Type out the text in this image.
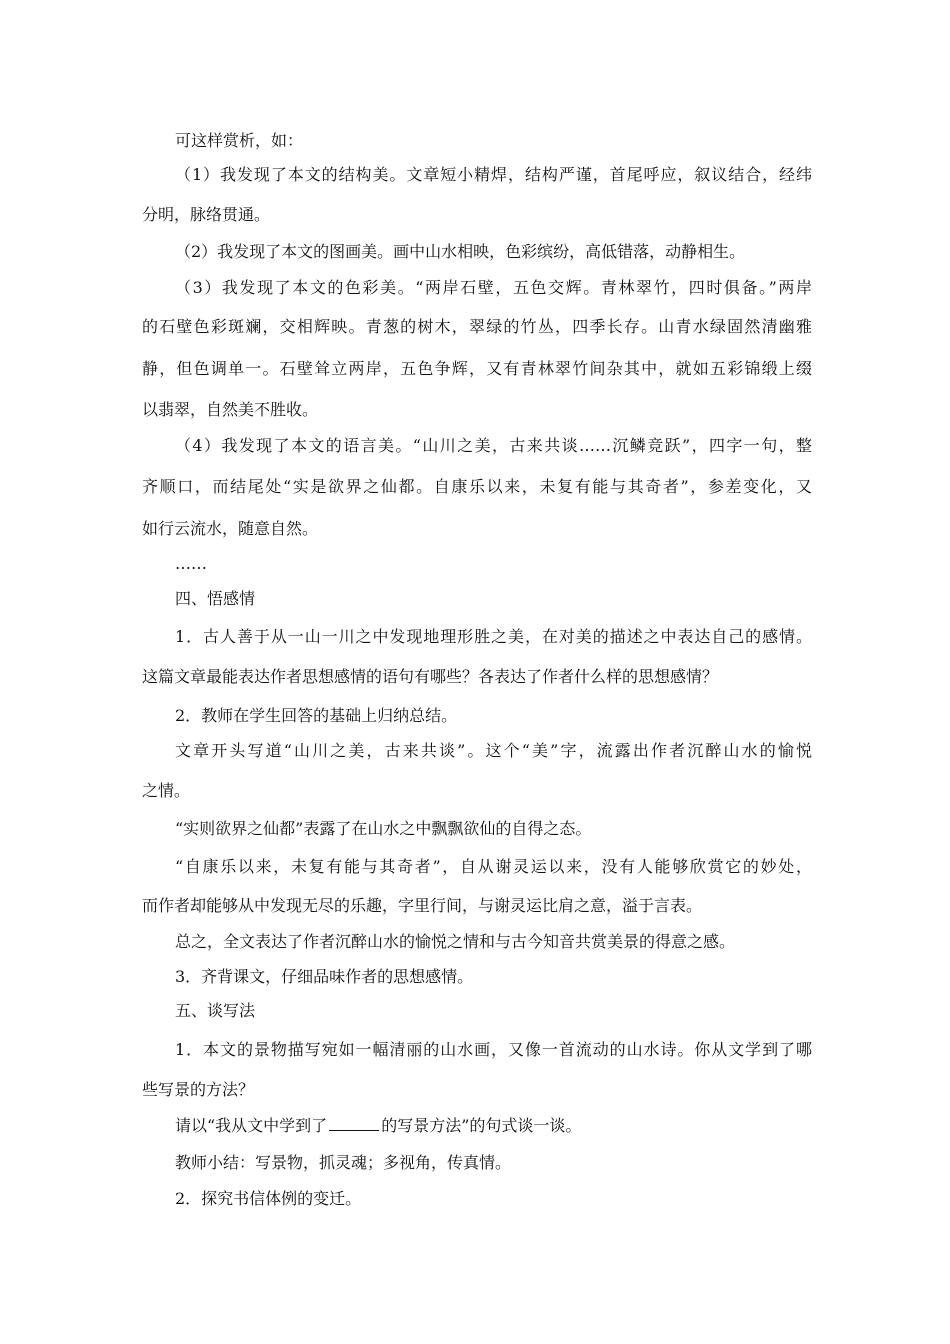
可这样赏析，如：
（1）我发现了本文的结构美。文章短小精焊，结构严谨，首尾呼应，叙议结合，经纬
分明，脉络贯通。
（2）我发现了本文的图画美。画中山水相映，色彩缤纷，高低错落，动静相生。
（3）我发现了本文的色彩美。“两岸石壁，五色交辉。青林翠竹，四时俱备。”两岸
的石壁色彩斑斓，交相辉映。青葱的树木，翠绿的竹丛，四季长存。山青水绿固然清幽雅
静，但色调单一。石壁耸立两岸，五色争辉，又有青林翠竹间杂其中，就如五彩锦缎上缀
以翡翠，自然美不胜收。
（4）我发现了本文的语言美。“山川之美，古来共谈……沉鳞竞跃”，四字一句，整
齐顺口，而结尾处“实是欲界之仙都。自康乐以来，未复有能与其奇者”，参差变化，又
如行云流水，随意自然。
……
四、悟感情
1．古人善于从一山一川之中发现地理形胜之美，在对美的描述之中表达自己的感情。
这篇文章最能表达作者思想感情的语句有哪些？各表达了作者什么样的思想感情？
2．教师在学生回答的基础上归纳总结。
文章开头写道“山川之美，古来共谈”。这个“美”字，流露出作者沉醉山水的愉悦
之情。
“实则欲界之仙都”表露了在山水之中飘飘欲仙的自得之态。
“自康乐以来，未复有能与其奇者”，自从谢灵运以来，没有人能够欣赏它的妙处，
而作者却能够从中发现无尽的乐趣，字里行间，与谢灵运比肩之意，溢于言表。
总之，全文表达了作者沉醉山水的愉悦之情和与古今知音共赏美景的得意之感。
3．齐背课文，仔细品味作者的思想感情。
五、谈写法
1．本文的景物描写宛如一幅清丽的山水画，又像一首流动的山水诗。你从文学到了哪
些写景的方法？
请以“我从文中学到了	的写景方法”的句式谈一谈。
教师小结：写景物，抓灵魂；多视角，传真情。
2．探究书信体例的变迁。
